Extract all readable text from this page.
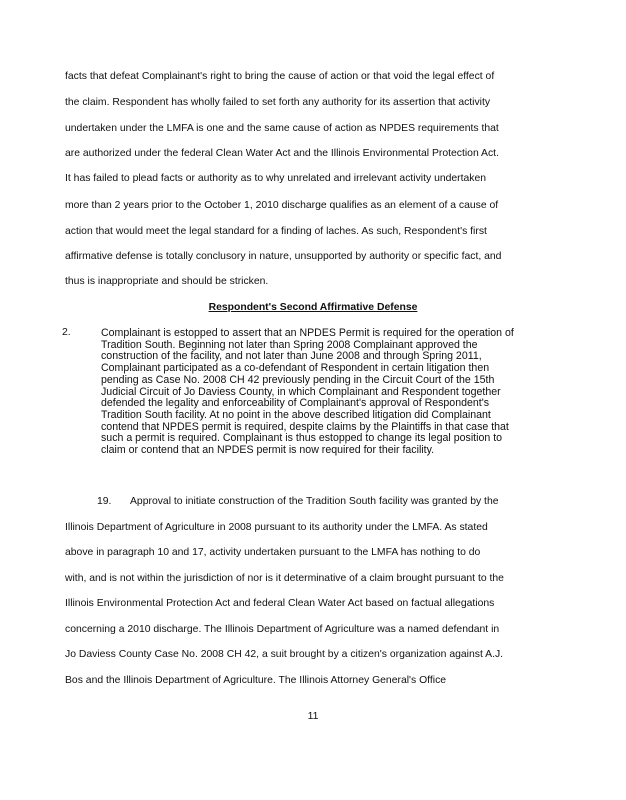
facts that defeat Complainant's right to bring the cause of action or that void the legal effect of
the claim. Respondent has wholly failed to set forth any authority for its assertion that activity
undertaken under the LMFA is one and the same cause of action as NPDES requirements that
are authorized under the federal Clean Water Act and the Illinois Environmental Protection Act.
It has failed to plead facts or authority as to why unrelated and irrelevant activity undertaken
more than 2 years prior to the October 1, 2010 discharge qualifies as an element of a cause of
action that would meet the legal standard for a finding of laches. As such, Respondent's first
affirmative defense is totally conclusory in nature, unsupported by authority or specific fact, and
thus is inappropriate and should be stricken.
Respondent's Second Affirmative Defense
2.	Complainant is estopped to assert that an NPDES Permit is required for the operation of
Tradition South. Beginning not later than Spring 2008 Complainant approved the
construction of the facility, and not later than June 2008 and through Spring 2011,
Complainant participated as a co-defendant of Respondent in certain litigation then
pending as Case No. 2008 CH 42 previously pending in the Circuit Court of the 15th
Judicial Circuit of Jo Daviess County, in which Complainant and Respondent together
defended the legality and enforceability of Complainant's approval of Respondent's
Tradition South facility. At no point in the above described litigation did Complainant
contend that NPDES permit is required, despite claims by the Plaintiffs in that case that
such a permit is required. Complainant is thus estopped to change its legal position to
claim or contend that an NPDES permit is now required for their facility.
19. Approval to initiate construction of the Tradition South facility was granted by the
Illinois Department of Agriculture in 2008 pursuant to its authority under the LMFA. As stated
above in paragraph 10 and 17, activity undertaken pursuant to the LMFA has nothing to do
with, and is not within the jurisdiction of nor is it determinative of a claim brought pursuant to the
Illinois Environmental Protection Act and federal Clean Water Act based on factual allegations
concerning a 2010 discharge. The Illinois Department of Agriculture was a named defendant in
Jo Daviess County Case No. 2008 CH 42, a suit brought by a citizen's organization against A.J.
Bos and the Illinois Department of Agriculture. The Illinois Attorney General's Office
11
